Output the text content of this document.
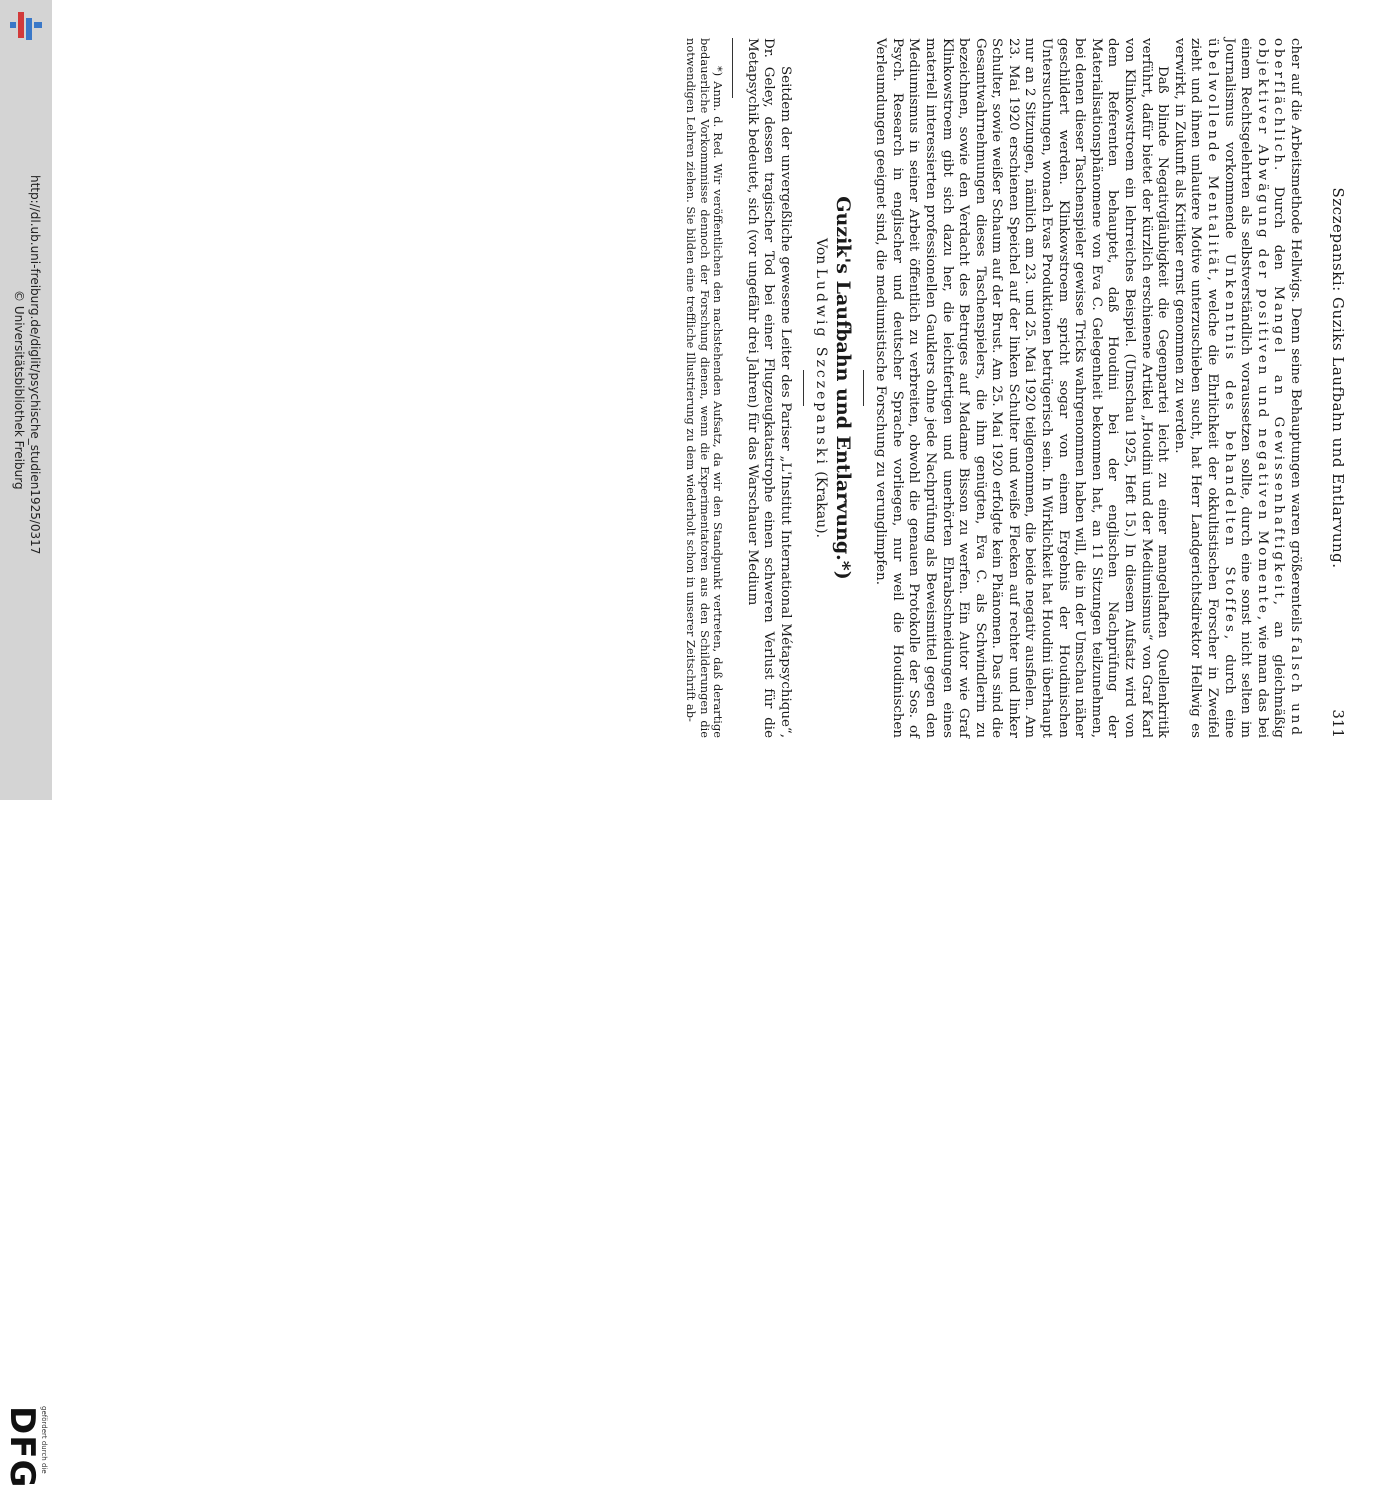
http://dl.ub.uni-freiburg.de/diglit/psychische_studien1925/0317
© Universitätsbibliothek Freiburg
DFG
gefördert durch die
Szczepanski: Guziks Laufbahn und Entlarvung.
311

cher auf die Arbeitsmethode Hellwigs. Denn seine Behauptungen waren größerenteils falsch und oberflächlich. Durch den Mangel an Gewissenhaftigkeit, an gleichmäßig objektiver Abwägung der positiven und negativen Momente, wie man das bei einem Rechtsgelehrten als selbstverständlich voraussetzen sollte, durch eine sonst nicht selten im Journalismus vorkommende Unkenntnis des behandelten Stoffes, durch eine übelwollende Mentalität, welche die Ehrlichkeit der okkultistischen Forscher in Zweifel zieht und ihnen unlautere Motive unterzuschieben sucht, hat Herr Landgerichtsdirektor Hellwig es verwirkt, in Zukunft als Kritiker ernst genommen zu werden.

Daß blinde Negativgläubigkeit die Gegenpartei leicht zu einer mangelhaften Quellenkritik verführt, dafür bietet der kürzlich erschienene Artikel „Houdini und der Mediumismus“ von Graf Karl von Klinkowstroem ein lehrreiches Beispiel. (Umschau 1925, Heft 15.) In diesem Aufsatz wird von dem Referenten behauptet, daß Houdini bei der englischen Nachprüfung der Materialisationsphänomene von Eva C. Gelegenheit bekommen hat, an 11 Sitzungen teilzunehmen, bei denen dieser Taschenspieler gewisse Tricks wahrgenommen haben will, die in der Umschau näher geschildert werden. Klinkowstroem spricht sogar von einem Ergebnis der Houdinischen Untersuchungen, wonach Evas Produktionen betrügerisch sein. In Wirklichkeit hat Houdini überhaupt nur an 2 Sitzungen, nämlich am 23. und 25. Mai 1920 teilgenommen, die beide negativ ausfielen. Am 23. Mai 1920 erschienen Speichel auf der linken Schulter und weiße Flecken auf rechter und linker Schulter, sowie weißer Schaum auf der Brust. Am 25. Mai 1920 erfolgte kein Phänomen. Das sind die Gesamtwahrnehmungen dieses Taschenspielers, die ihm genügten, Eva C. als Schwindlerin zu bezeichnen, sowie den Verdacht des Betruges auf Madame Bisson zu werfen. Ein Autor wie Graf Klinkowstroem gibt sich dazu her, die leichtfertigen und unerhörten Ehrabschneidungen eines materiell interessierten professionellen Gauklers ohne jede Nachprüfung als Beweismittel gegen den Mediumismus in seiner Arbeit öffentlich zu verbreiten, obwohl die genauen Protokolle der Sos. of Psych. Research in englischer und deutscher Sprache vorliegen, nur weil die Houdinischen Verleumdungen geeignet sind, die mediumistische Forschung zu verunglimpfen.

Guzik's Laufbahn und Entlarvung.*)
Von Ludwig Szczepanski (Krakau).

Seitdem der unvergeßliche gewesene Leiter des Pariser „L'Institut International Métapsychique“, Dr. Geley, dessen tragischer Tod bei einer Flugzeugkatastrophe einen schweren Verlust für die Metapsychik bedeutet, sich (vor ungefähr drei Jahren) für das Warschauer Medium

*) Anm. d. Red. Wir veröffentlichen den nachstehenden Aufsatz, da wir den Standpunkt vertreten, daß derartige bedauerliche Vorkommnisse dennoch der Forschung dienen, wenn die Experimentatoren aus den Schilderungen die notwendigen Lehren ziehen. Sie bilden eine treffliche Illustrierung zu dem wiederholt schon in unserer Zeitschrift ab-
